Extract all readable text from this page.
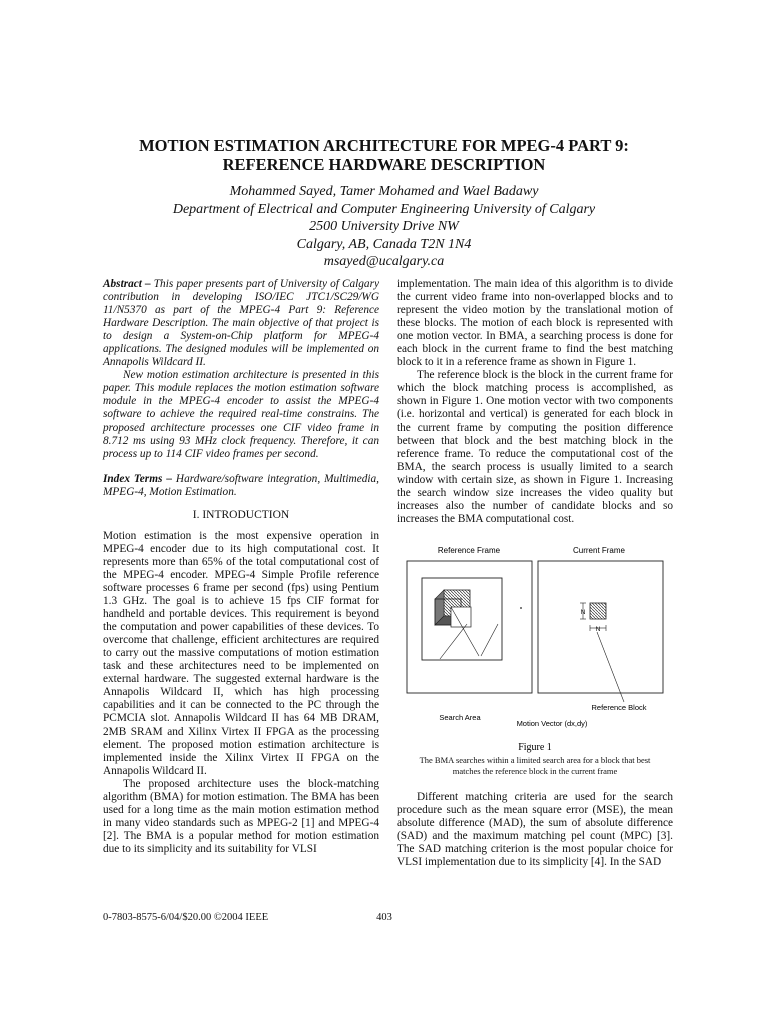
MOTION ESTIMATION ARCHITECTURE FOR MPEG-4 PART 9:
REFERENCE HARDWARE DESCRIPTION
Mohammed Sayed, Tamer Mohamed and Wael Badawy
Department of Electrical and Computer Engineering University of Calgary
2500 University Drive NW
Calgary, AB, Canada T2N 1N4
msayed@ucalgary.ca

Abstract – This paper presents part of University of Calgary contribution in developing ISO/IEC JTC1/SC29/WG 11/N5370 as part of the MPEG-4 Part 9: Reference Hardware Description. The main objective of that project is to design a System-on-Chip platform for MPEG-4 applications. The designed modules will be implemented on Annapolis Wildcard II.

New motion estimation architecture is presented in this paper. This module replaces the motion estimation software module in the MPEG-4 encoder to assist the MPEG-4 software to achieve the required real-time constrains. The proposed architecture processes one CIF video frame in 8.712 ms using 93 MHz clock frequency. Therefore, it can process up to 114 CIF video frames per second.

Index Terms – Hardware/software integration, Multimedia, MPEG-4, Motion Estimation.

I. INTRODUCTION

Motion estimation is the most expensive operation in MPEG-4 encoder due to its high computational cost. It represents more than 65% of the total computational cost of the MPEG-4 encoder. MPEG-4 Simple Profile reference software processes 6 frame per second (fps) using Pentium 1.3 GHz. The goal is to achieve 15 fps CIF format for handheld and portable devices. This requirement is beyond the computation and power capabilities of these devices. To overcome that challenge, efficient architectures are required to carry out the massive computations of motion estimation task and these architectures need to be implemented on external hardware. The suggested external hardware is the Annapolis Wildcard II, which has high processing capabilities and it can be connected to the PC through the PCMCIA slot. Annapolis Wildcard II has 64 MB DRAM, 2MB SRAM and Xilinx Virtex II FPGA as the processing element. The proposed motion estimation architecture is implemented inside the Xilinx Virtex II FPGA on the Annapolis Wildcard II.

The proposed architecture uses the block-matching algorithm (BMA) for motion estimation. The BMA has been used for a long time as the main motion estimation method in many video standards such as MPEG-2 [1] and MPEG-4 [2]. The BMA is a popular method for motion estimation due to its simplicity and its suitability for VLSI

implementation. The main idea of this algorithm is to divide the current video frame into non-overlapped blocks and to represent the video motion by the translational motion of these blocks. The motion of each block is represented with one motion vector. In BMA, a searching process is done for each block in the current frame to find the best matching block to it in a reference frame as shown in Figure 1.

The reference block is the block in the current frame for which the block matching process is accomplished, as shown in Figure 1. One motion vector with two components (i.e. horizontal and vertical) is generated for each block in the current frame by computing the position difference between that block and the best matching block in the reference frame. To reduce the computational cost of the BMA, the search process is usually limited to a search window with certain size, as shown in Figure 1. Increasing the search window size increases the video quality but increases also the number of candidate blocks and so increases the BMA computational cost.

Reference Frame	Current Frame
N
N
Reference Block
Search Area
Motion Vector (dx,dy)
Figure 1
The BMA searches within a limited search area for a block that best matches the reference block in the current frame

Different matching criteria are used for the search procedure such as the mean square error (MSE), the mean absolute difference (MAD), the sum of absolute difference (SAD) and the maximum matching pel count (MPC) [3]. The SAD matching criterion is the most popular choice for VLSI implementation due to its simplicity [4]. In the SAD

0-7803-8575-6/04/$20.00 ©2004 IEEE	403
